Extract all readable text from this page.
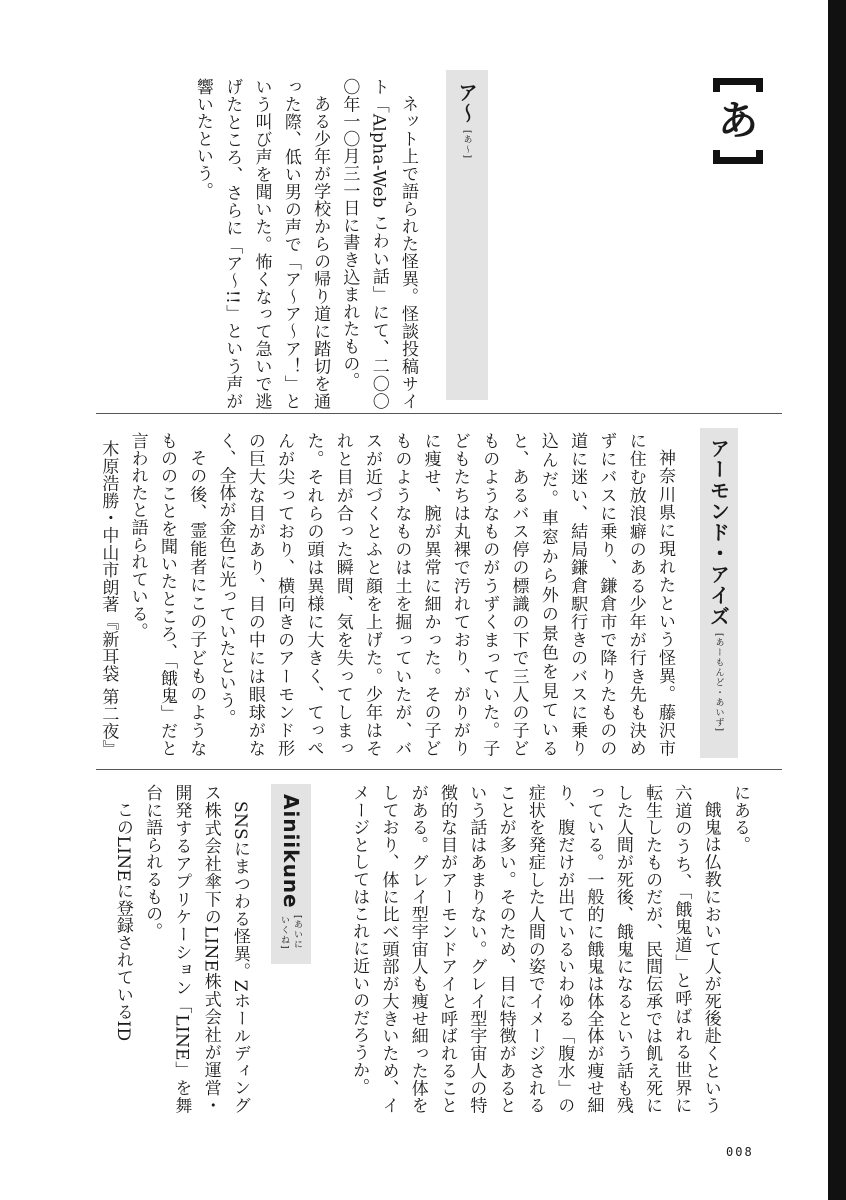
あ
ア～
[あ～]

ネット上で語られた怪異。怪談投稿サイト「Alpha-Web こわい話」にて、二〇〇〇年一〇月三一日に書き込まれたもの。

ある少年が学校からの帰り道に踏切を通った際、低い男の声で「ア～ア～ア！」という叫び声を聞いた。怖くなって急いで逃げたところ、さらに「ア～!!」という声が響いたという。

アーモンド・アイズ
[あーもんど・あいず]

神奈川県に現れたという怪異。藤沢市に住む放浪癖のある少年が行き先も決めずにバスに乗り、鎌倉市で降りたものの道に迷い、結局鎌倉駅行きのバスに乗り込んだ。車窓から外の景色を見ていると、あるバス停の標識の下で三人の子どものようなものがうずくまっていた。子どもたちは丸裸で汚れており、がりがりに痩せ、腕が異常に細かった。その子どものようなものは土を掘っていたが、バスが近づくとふと顔を上げた。少年はそれと目が合った瞬間、気を失ってしまった。それらの頭は異様に大きく、てっぺんが尖っており、横向きのアーモンド形の巨大な目があり、目の中には眼球がなく、全体が金色に光っていたという。

その後、霊能者にこの子どものようなもののことを聞いたところ、「餓鬼」だと言われたと語られている。

木原浩勝・中山市朗著『新耳袋 第二夜』

にある。

餓鬼は仏教において人が死後赴くという六道のうち、「餓鬼道」と呼ばれる世界に転生したものだが、民間伝承では飢え死にした人間が死後、餓鬼になるという話も残っている。一般的に餓鬼は体全体が痩せ細り、腹だけが出ているいわゆる「腹水」の症状を発症した人間の姿でイメージされることが多い。そのため、目に特徴があるという話はあまりない。グレイ型宇宙人の特徴的な目がアーモンドアイと呼ばれることがある。グレイ型宇宙人も痩せ細った体をしており、体に比べ頭部が大きいため、イメージとしてはこれに近いのだろうか。

Ainiikune
[あいにいくね]

SNSにまつわる怪異。Zホールディングス株式会社傘下のLINE株式会社が運営・開発するアプリケーション「LINE」を舞台に語られるもの。

このLINEに登録されているID

008
